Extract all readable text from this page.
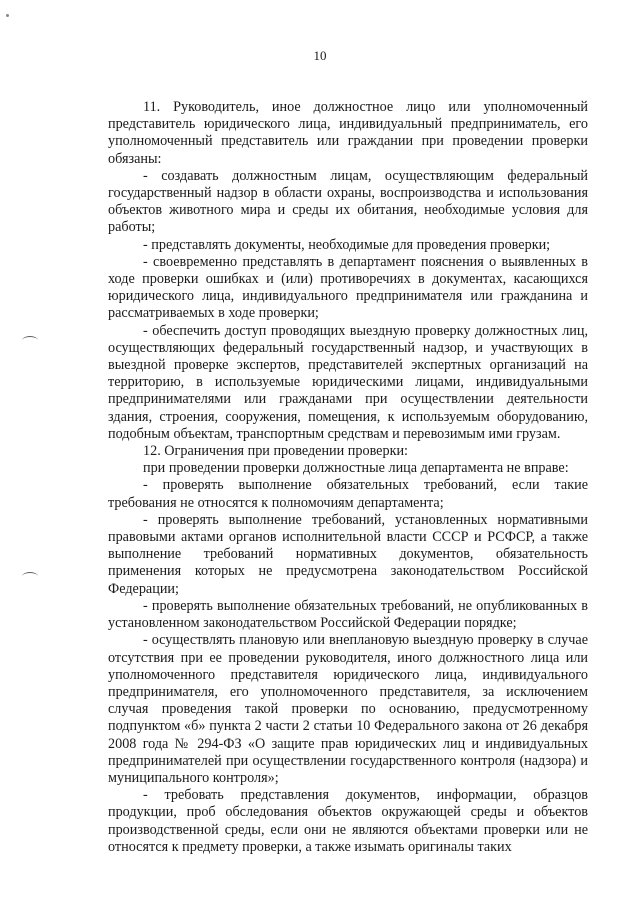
10

11. Руководитель, иное должностное лицо или уполномоченный представитель юридического лица, индивидуальный предприниматель, его уполномоченный представитель или граждании при проведении проверки обязаны:

- создавать должностным лицам, осуществляющим федеральный государственный надзор в области охраны, воспроизводства и использования объектов животного мира и среды их обитания, необходимые условия для работы;

- представлять документы, необходимые для проведения проверки;

- своевременно представлять в департамент пояснения о выявленных в ходе проверки ошибках и (или) противоречиях в документах, касающихся юридического лица, индивидуального предпринимателя или гражданина и рассматриваемых в ходе проверки;

- обеспечить доступ проводящих выездную проверку должностных лиц, осуществляющих федеральный государственный надзор, и участвующих в выездной проверке экспертов, представителей экспертных организаций на территорию, в используемые юридическими лицами, индивидуальными предпринимателями или гражданами при осуществлении деятельности здания, строения, сооружения, помещения, к используемым оборудованию, подобным объектам, транспортным средствам и перевозимым ими грузам.

12. Ограничения при проведении проверки:

при проведении проверки должностные лица департамента не вправе:

- проверять выполнение обязательных требований, если такие требования не относятся к полномочиям департамента;

- проверять выполнение требований, установленных нормативными правовыми актами органов исполнительной власти СССР и РСФСР, а также выполнение требований нормативных документов, обязательность применения которых не предусмотрена законодательством Российской Федерации;

- проверять выполнение обязательных требований, не опубликованных в установленном законодательством Российской Федерации порядке;

- осуществлять плановую или внеплановую выездную проверку в случае отсутствия при ее проведении руководителя, иного должностного лица или уполномоченного представителя юридического лица, индивидуального предпринимателя, его уполномоченного представителя, за исключением случая проведения такой проверки по основанию, предусмотренному подпунктом «б» пункта 2 части 2 статьи 10 Федерального закона от 26 декабря 2008 года № 294-ФЗ «О защите прав юридических лиц и индивидуальных предпринимателей при осуществлении государственного контроля (надзора) и муниципального контроля»;

- требовать представления документов, информации, образцов продукции, проб обследования объектов окружающей среды и объектов производственной среды, если они не являются объектами проверки или не относятся к предмету проверки, а также изымать оригиналы таких
